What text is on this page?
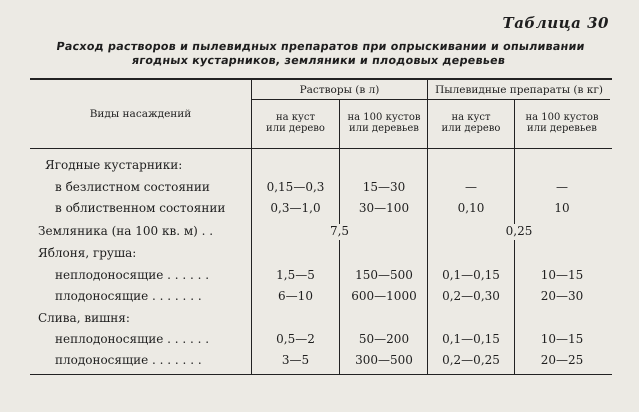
Таблица 30
Расход растворов и пылевидных препаратов при опрыскивании и опыливании
ягодных кустарников, земляники и плодовых деревьев
Виды насаждений
Растворы (в л)	Пылевидные препараты (в кг)
на куст
или дерево
на 100 кустов
или деревьев
на куст
или дерево
на 100 кустов
или деревьев
Ягодные кустарники:
в безлистном состоянии	0,15—0,3	15—30	—	—
в облиственном состоянии	0,3—1,0	30—100	0,10	10
Земляника (на 100 кв. м) . .	7,5	0,25
Яблоня, груша:
неплодоносящие . . . . . .	1,5—5	150—500	0,1—0,15	10—15
плодоносящие . . . . . . .	6—10	600—1000	0,2—0,30	20—30
Слива, вишня:
неплодоносящие . . . . . .	0,5—2	50—200	0,1—0,15	10—15
плодоносящие . . . . . . .	3—5	300—500	0,2—0,25	20—25
